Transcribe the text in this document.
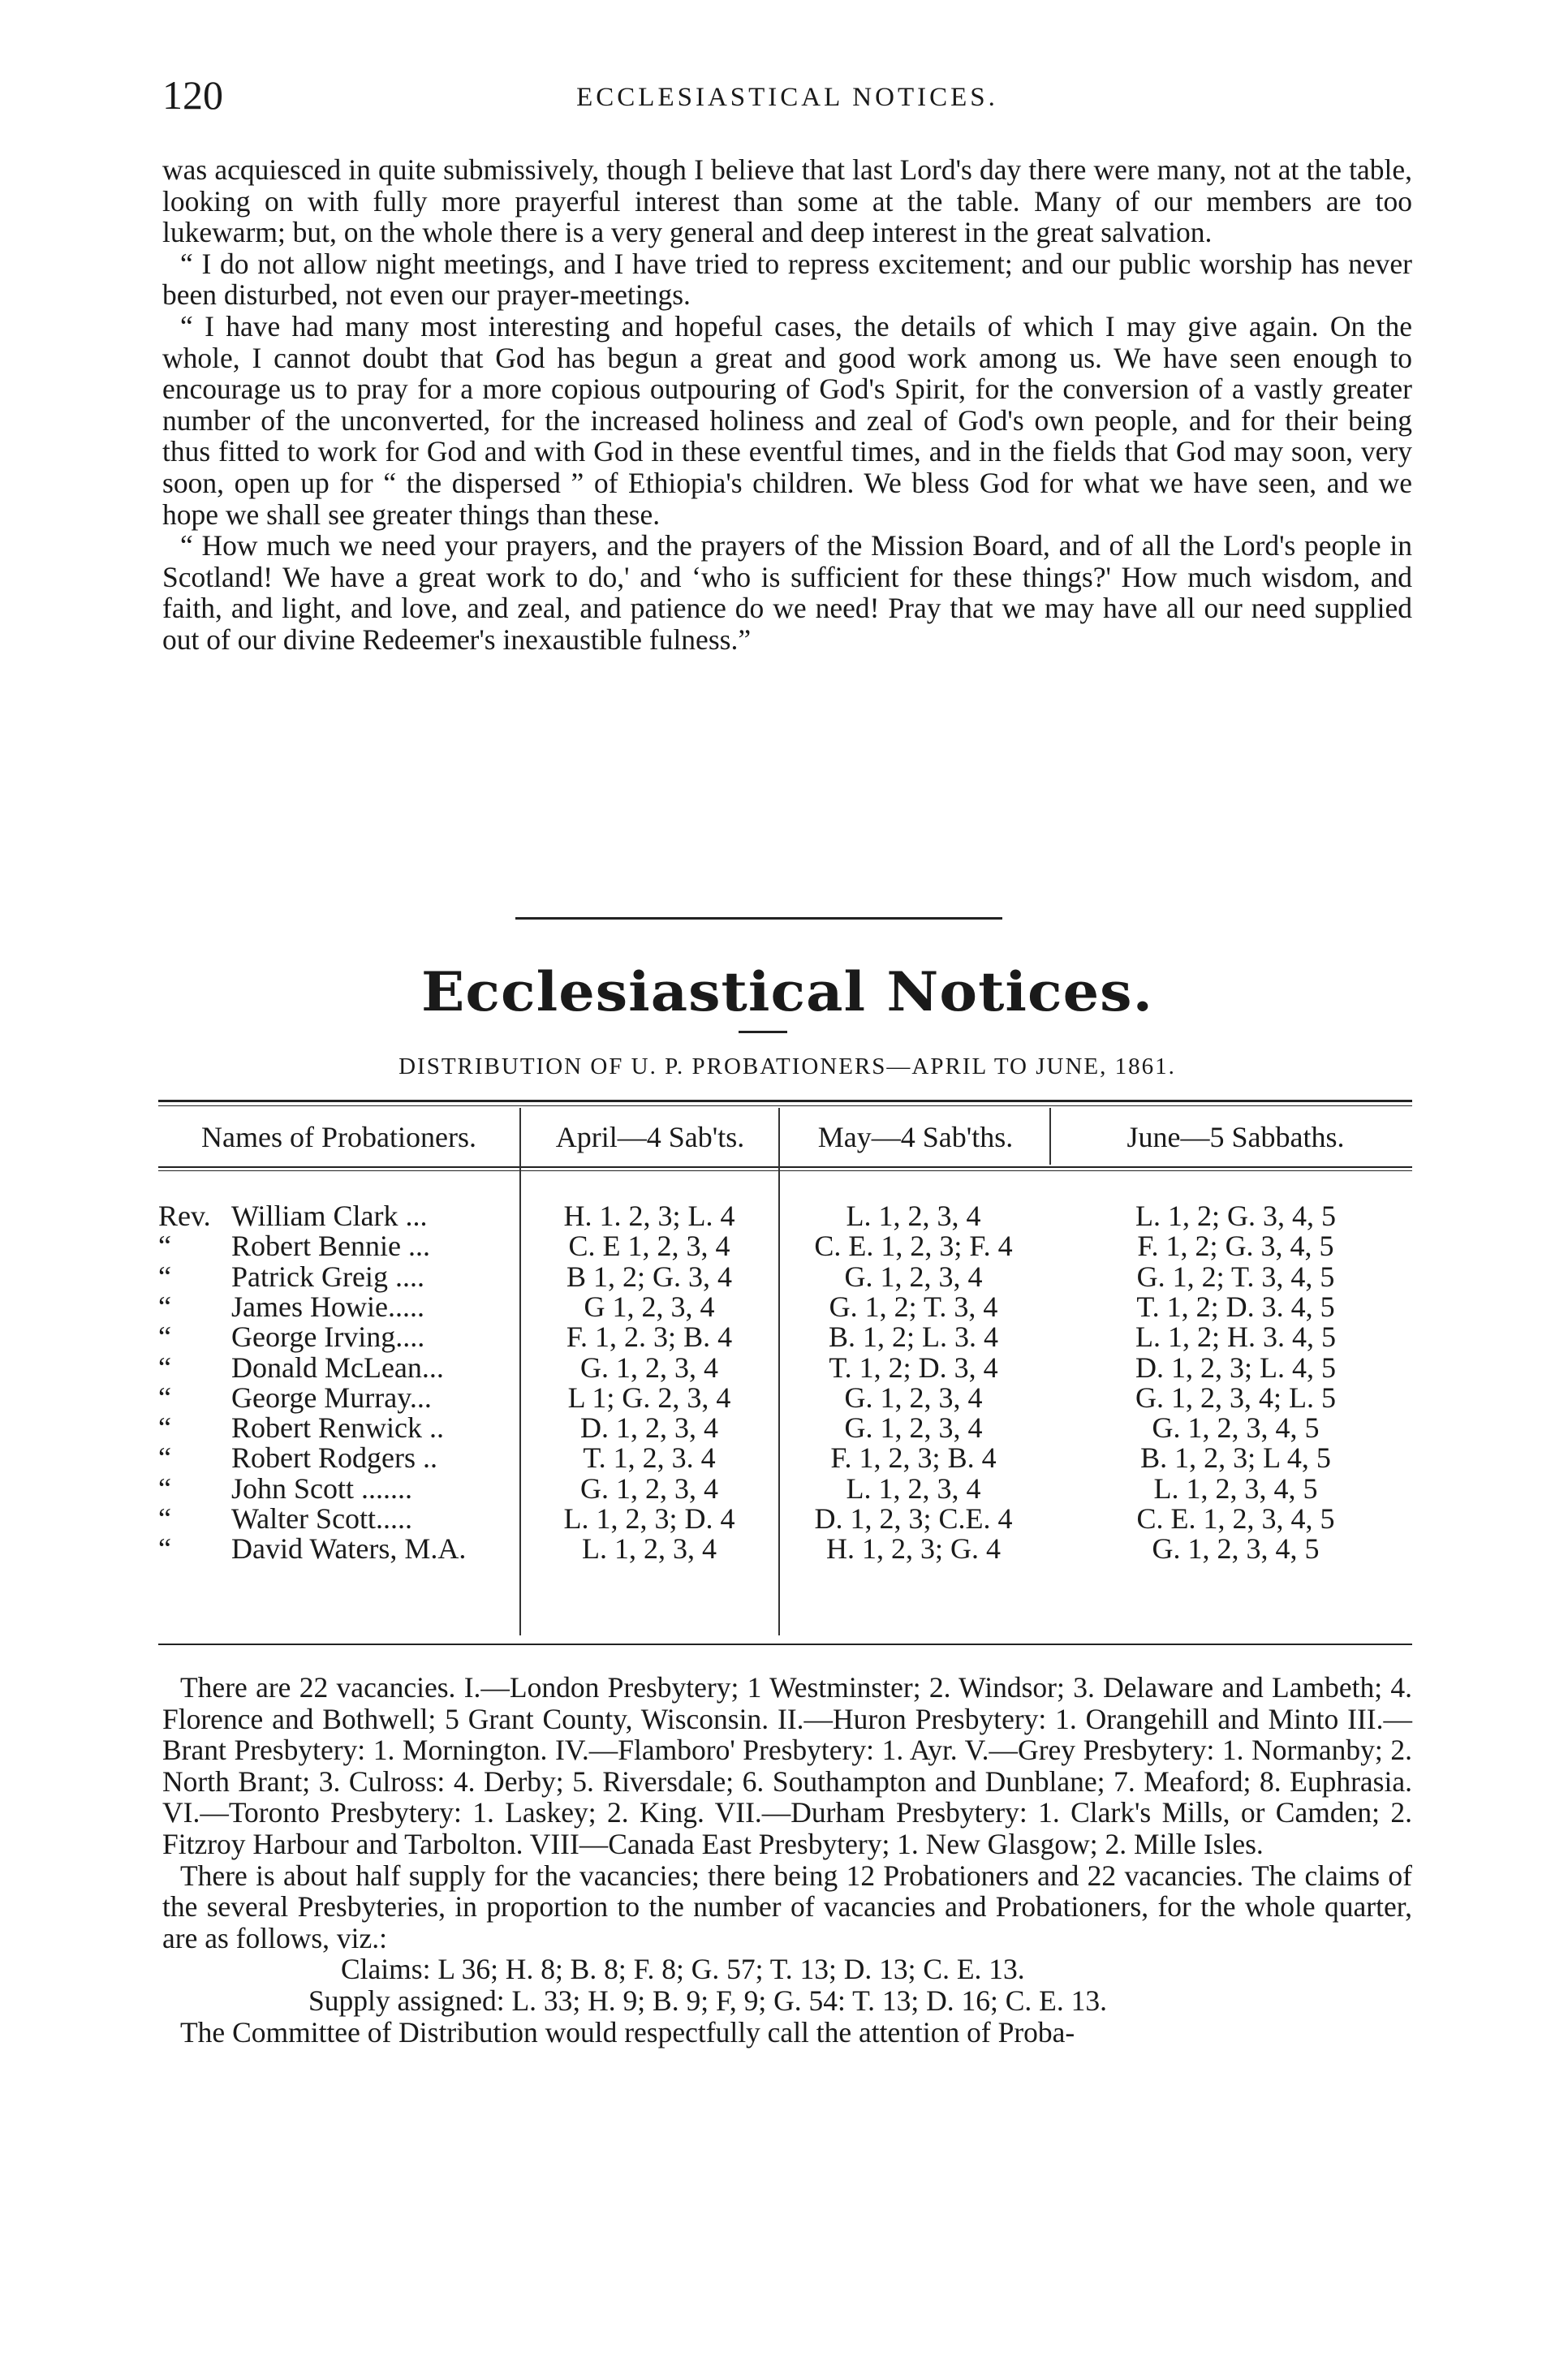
120	ECCLESIASTICAL NOTICES.

was acquiesced in quite submissively, though I believe that last Lord's day there were many, not at the table, looking on with fully more prayerful interest than some at the table. Many of our members are too lukewarm; but, on the whole there is a very general and deep interest in the great salvation.

“ I do not allow night meetings, and I have tried to repress excitement; and our public worship has never been disturbed, not even our prayer-meetings.

“ I have had many most interesting and hopeful cases, the details of which I may give again. On the whole, I cannot doubt that God has begun a great and good work among us. We have seen enough to encourage us to pray for a more copious outpouring of God's Spirit, for the conversion of a vastly greater number of the unconverted, for the increased holiness and zeal of God's own people, and for their being thus fitted to work for God and with God in these eventful times, and in the fields that God may soon, very soon, open up for “ the dispersed ” of Ethiopia's children. We bless God for what we have seen, and we hope we shall see greater things than these.

“ How much we need your prayers, and the prayers of the Mission Board, and of all the Lord's people in Scotland! We have a great work to do,' and ‘who is sufficient for these things?' How much wisdom, and faith, and light, and love, and zeal, and patience do we need! Pray that we may have all our need supplied out of our divine Redeemer's inexaustible fulness.”

Ecclesiastical Notices.
DISTRIBUTION OF U. P. PROBATIONERS—APRIL TO JUNE, 1861.
Names of Probationers.	April—4 Sab'ts.	May—4 Sab'ths.	June—5 Sabbaths.
Rev. William Clark ...	H. 1. 2, 3; L. 4	L. 1, 2, 3, 4	L. 1, 2; G. 3, 4, 5
“ Robert Bennie ...	C. E 1, 2, 3, 4	C. E. 1, 2, 3; F. 4	F. 1, 2; G. 3, 4, 5
“ Patrick Greig ....	B 1, 2; G. 3, 4	G. 1, 2, 3, 4	G. 1, 2; T. 3, 4, 5
“ James Howie.....	G 1, 2, 3, 4	G. 1, 2; T. 3, 4	T. 1, 2; D. 3. 4, 5
“ George Irving....	F. 1, 2. 3; B. 4	B. 1, 2; L. 3. 4	L. 1, 2; H. 3. 4, 5
“ Donald McLean...	G. 1, 2, 3, 4	T. 1, 2; D. 3, 4	D. 1, 2, 3; L. 4, 5
“ George Murray...	L 1; G. 2, 3, 4	G. 1, 2, 3, 4	G. 1, 2, 3, 4; L. 5
“ Robert Renwick ..	D. 1, 2, 3, 4	G. 1, 2, 3, 4	G. 1, 2, 3, 4, 5
“ Robert Rodgers ..	T. 1, 2, 3. 4	F. 1, 2, 3; B. 4	B. 1, 2, 3; L 4, 5
“ John Scott .......	G. 1, 2, 3, 4	L. 1, 2, 3, 4	L. 1, 2, 3, 4, 5
“ Walter Scott.....	L. 1, 2, 3; D. 4	D. 1, 2, 3; C.E. 4	C. E. 1, 2, 3, 4, 5
“ David Waters, M.A.	L. 1, 2, 3, 4	H. 1, 2, 3; G. 4	G. 1, 2, 3, 4, 5

There are 22 vacancies. I.—London Presbytery; 1 Westminster; 2. Windsor; 3. Delaware and Lambeth; 4. Florence and Bothwell; 5 Grant County, Wisconsin. II.—Huron Presbytery: 1. Orangehill and Minto III.—Brant Presbytery: 1. Mornington. IV.—Flamboro' Presbytery: 1. Ayr. V.—Grey Presbytery: 1. Normanby; 2. North Brant; 3. Culross: 4. Derby; 5. Riversdale; 6. Southampton and Dunblane; 7. Meaford; 8. Euphrasia. VI.—Toronto Presbytery: 1. Laskey; 2. King. VII.—Durham Presbytery: 1. Clark's Mills, or Camden; 2. Fitzroy Harbour and Tarbolton. VIII—Canada East Presbytery; 1. New Glasgow; 2. Mille Isles.

There is about half supply for the vacancies; there being 12 Probationers and 22 vacancies. The claims of the several Presbyteries, in proportion to the number of vacancies and Probationers, for the whole quarter, are as follows, viz.:

Claims: L 36; H. 8; B. 8; F. 8; G. 57; T. 13; D. 13; C. E. 13.
Supply assigned: L. 33; H. 9; B. 9; F, 9; G. 54: T. 13; D. 16; C. E. 13.

The Committee of Distribution would respectfully call the attention of Proba-
